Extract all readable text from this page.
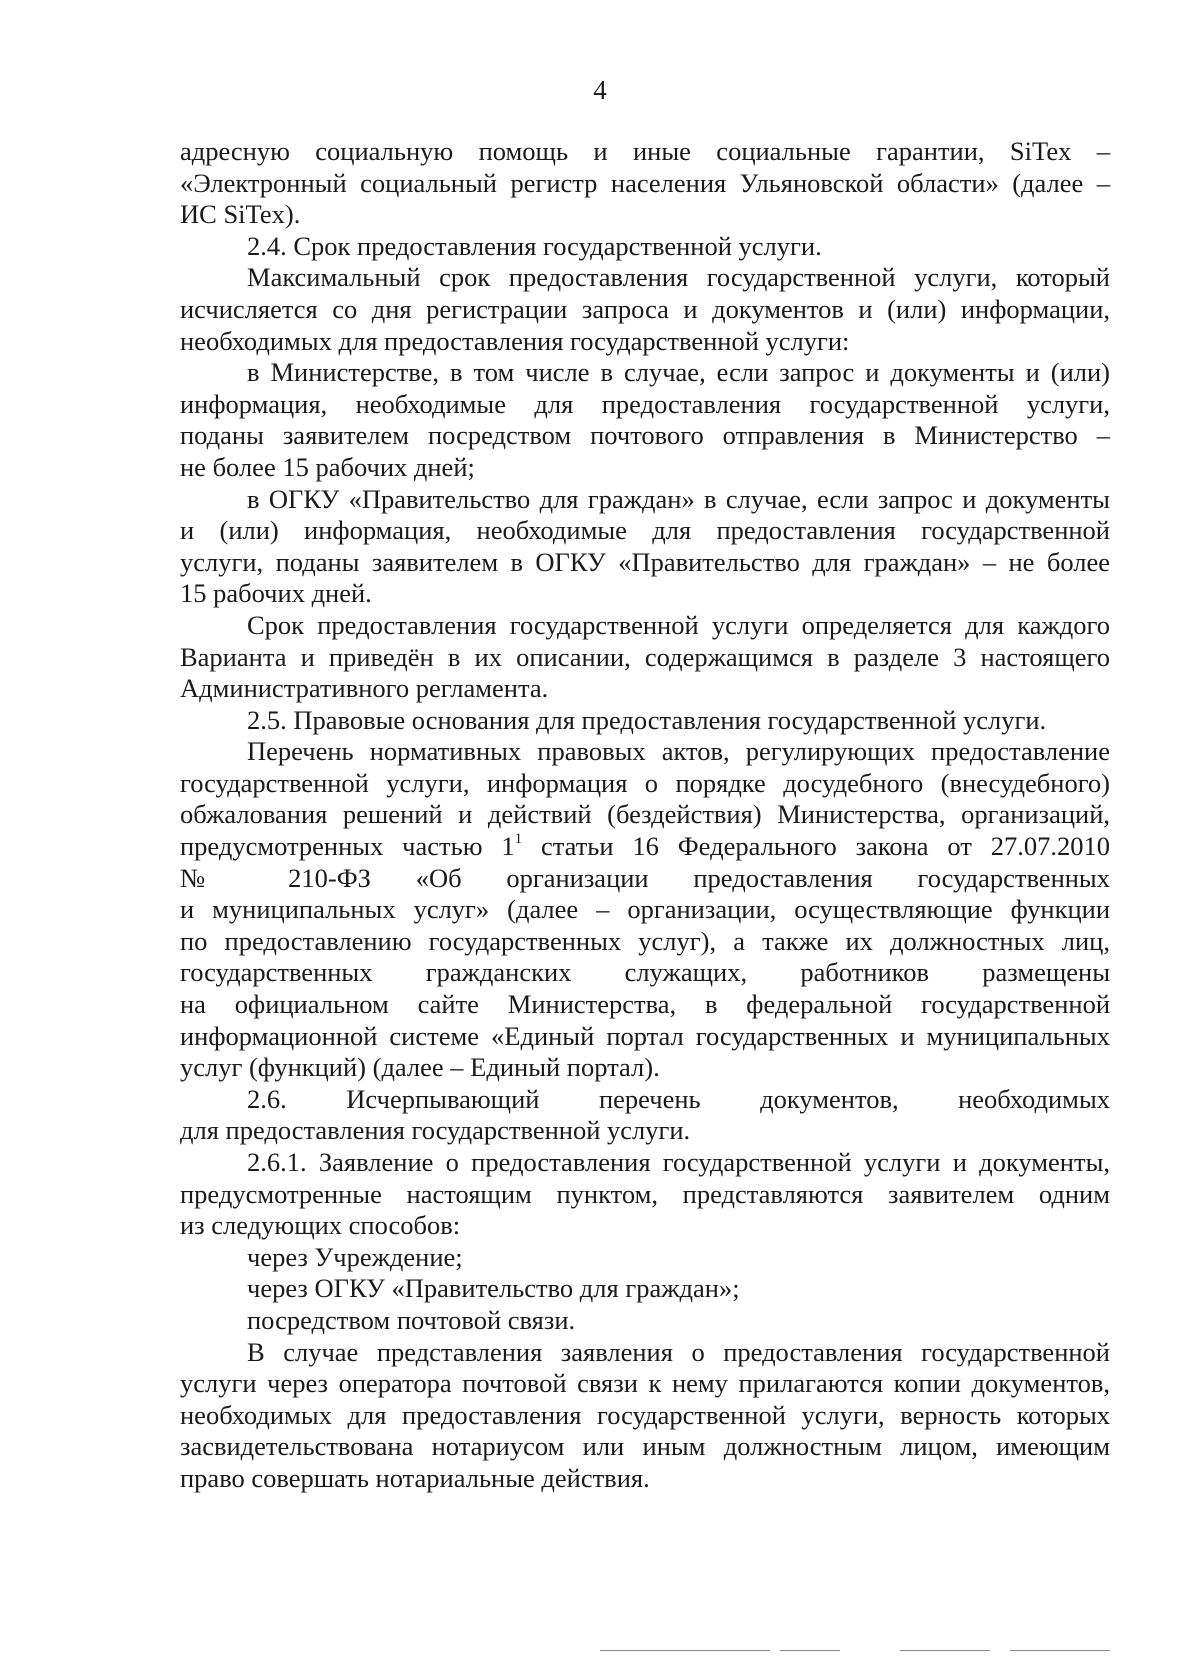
4
адресную социальную помощь и иные социальные гарантии, SiTex –
«Электронный социальный регистр населения Ульяновской области» (далее –
ИС SiTex).
2.4. Срок предоставления государственной услуги.
Максимальный срок предоставления государственной услуги, который
исчисляется со дня регистрации запроса и документов и (или) информации,
необходимых для предоставления государственной услуги:
в Министерстве, в том числе в случае, если запрос и документы и (или)
информация, необходимые для предоставления государственной услуги,
поданы заявителем посредством почтового отправления в Министерство –
не более 15 рабочих дней;
в ОГКУ «Правительство для граждан» в случае, если запрос и документы
и (или) информация, необходимые для предоставления государственной
услуги, поданы заявителем в ОГКУ «Правительство для граждан» – не более
15 рабочих дней.
Срок предоставления государственной услуги определяется для каждого
Варианта и приведён в их описании, содержащимся в разделе 3 настоящего
Административного регламента.
2.5. Правовые основания для предоставления государственной услуги.
Перечень нормативных правовых актов, регулирующих предоставление
государственной услуги, информация о порядке досудебного (внесудебного)
обжалования решений и действий (бездействия) Министерства, организаций,
предусмотренных частью 1$^1$ статьи 16 Федерального закона от 27.07.2010
№ 210-ФЗ «Об организации предоставления государственных
и муниципальных услуг» (далее – организации, осуществляющие функции
по предоставлению государственных услуг), а также их должностных лиц,
государственных гражданских служащих, работников размещены
на официальном сайте Министерства, в федеральной государственной
информационной системе «Единый портал государственных и муниципальных
услуг (функций) (далее – Единый портал).
2.6. Исчерпывающий перечень документов, необходимых
для предоставления государственной услуги.
2.6.1. Заявление о предоставления государственной услуги и документы,
предусмотренные настоящим пунктом, представляются заявителем одним
из следующих способов:
через Учреждение;
через ОГКУ «Правительство для граждан»;
посредством почтовой связи.
В случае представления заявления о предоставления государственной
услуги через оператора почтовой связи к нему прилагаются копии документов,
необходимых для предоставления государственной услуги, верность которых
засвидетельствована нотариусом или иным должностным лицом, имеющим
право совершать нотариальные действия.
